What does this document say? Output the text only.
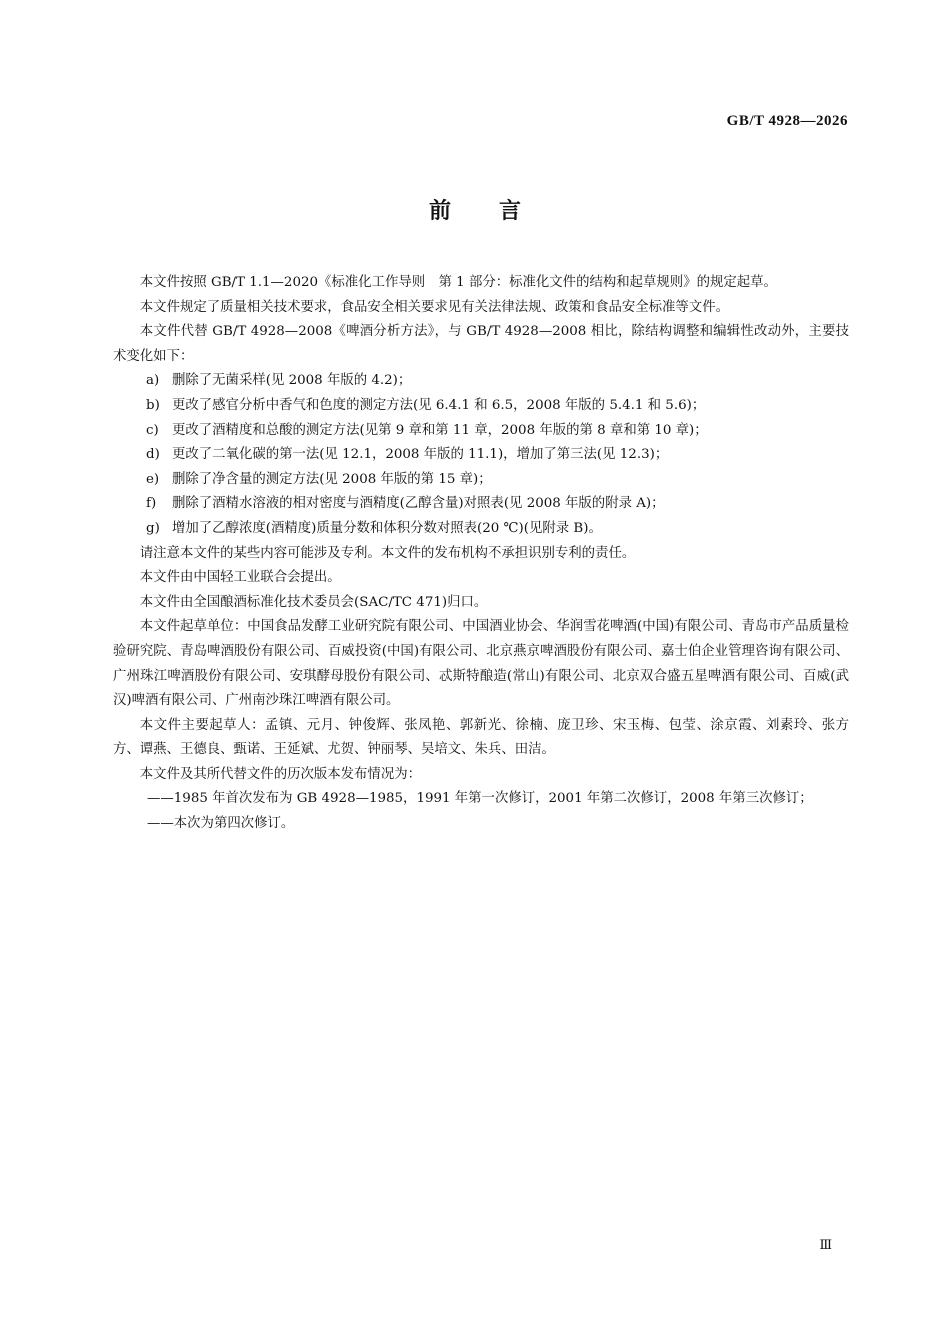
GB/T 4928—2026
前言

本文件按照 GB/T 1.1—2020《标准化工作导则　第 1 部分：标准化文件的结构和起草规则》的规定起草。

本文件规定了质量相关技术要求，食品安全相关要求见有关法律法规、政策和食品安全标准等文件。

本文件代替 GB/T 4928—2008《啤酒分析方法》，与 GB/T 4928—2008 相比，除结构调整和编辑性改动外，主要技术变化如下：

a) 删除了无菌采样(见 2008 年版的 4.2)；
b) 更改了感官分析中香气和色度的测定方法(见 6.4.1 和 6.5，2008 年版的 5.4.1 和 5.6)；
c) 更改了酒精度和总酸的测定方法(见第 9 章和第 11 章，2008 年版的第 8 章和第 10 章)；
d) 更改了二氧化碳的第一法(见 12.1，2008 年版的 11.1)，增加了第三法(见 12.3)；
e) 删除了净含量的测定方法(见 2008 年版的第 15 章)；
f) 删除了酒精水溶液的相对密度与酒精度(乙醇含量)对照表(见 2008 年版的附录 A)；
g) 增加了乙醇浓度(酒精度)质量分数和体积分数对照表(20 ℃)(见附录 B)。

请注意本文件的某些内容可能涉及专利。本文件的发布机构不承担识别专利的责任。

本文件由中国轻工业联合会提出。

本文件由全国酿酒标准化技术委员会(SAC/TC 471)归口。

本文件起草单位：中国食品发酵工业研究院有限公司、中国酒业协会、华润雪花啤酒(中国)有限公司、青岛市产品质量检验研究院、青岛啤酒股份有限公司、百威投资(中国)有限公司、北京燕京啤酒股份有限公司、嘉士伯企业管理咨询有限公司、广州珠江啤酒股份有限公司、安琪酵母股份有限公司、忒斯特酿造(常山)有限公司、北京双合盛五星啤酒有限公司、百威(武汉)啤酒有限公司、广州南沙珠江啤酒有限公司。

本文件主要起草人：孟镇、元月、钟俊辉、张凤艳、郭新光、徐楠、庞卫珍、宋玉梅、包莹、涂京霞、刘素玲、张方方、谭燕、王德良、甄诺、王延斌、尤贺、钟丽琴、吴培文、朱兵、田洁。

本文件及其所代替文件的历次版本发布情况为：

——1985 年首次发布为 GB 4928—1985，1991 年第一次修订，2001 年第二次修订，2008 年第三次修订；
——本次为第四次修订。
Ⅲ
